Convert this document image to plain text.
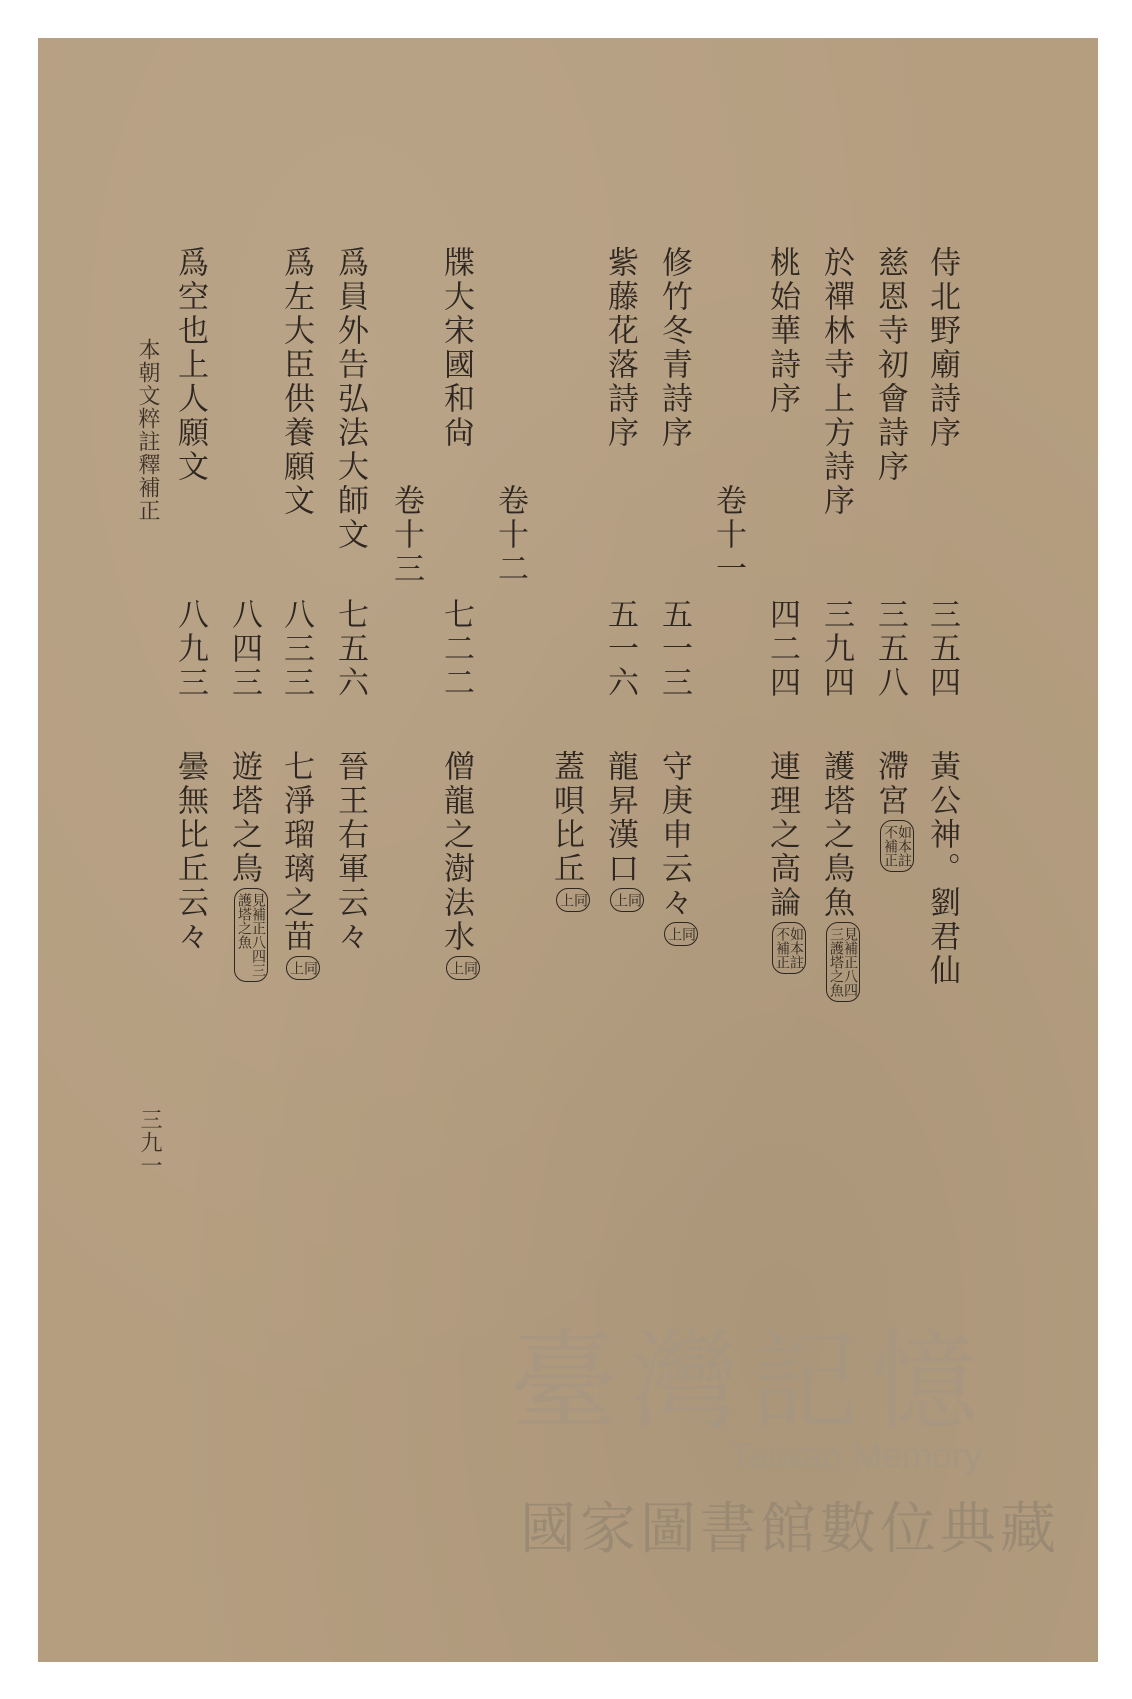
侍北野廟詩序
慈恩寺初會詩序
於禪林寺上方詩序
桃始華詩序
卷十一
修竹冬青詩序
紫藤花落詩序
卷十二
牒大宋國和尙
卷十三
爲員外告弘法大師文
爲左大臣供養願文
爲空也上人願文
本朝文粹註釋補正
三五四
三五八
三九四
四二四
五一三
五一六
七二二
七五六
八三三
八四三
八九三
黃公神。劉君仙
滯宮
如本註
不補正
護塔之鳥魚
見補正八四
三護塔之魚
連理之高論
如本註
不補正
守庚申云々
同
上
龍昇漢口
同
上
蓋唄比丘
同
上
僧龍之澍法水
同
上
晉王右軍云々
七淨瑠璃之苗
同
上
遊塔之鳥
見補正八四三
護塔之魚
曇無比丘云々
三九一
臺灣記憶
Taiwan Memory
國家圖書館數位典藏
